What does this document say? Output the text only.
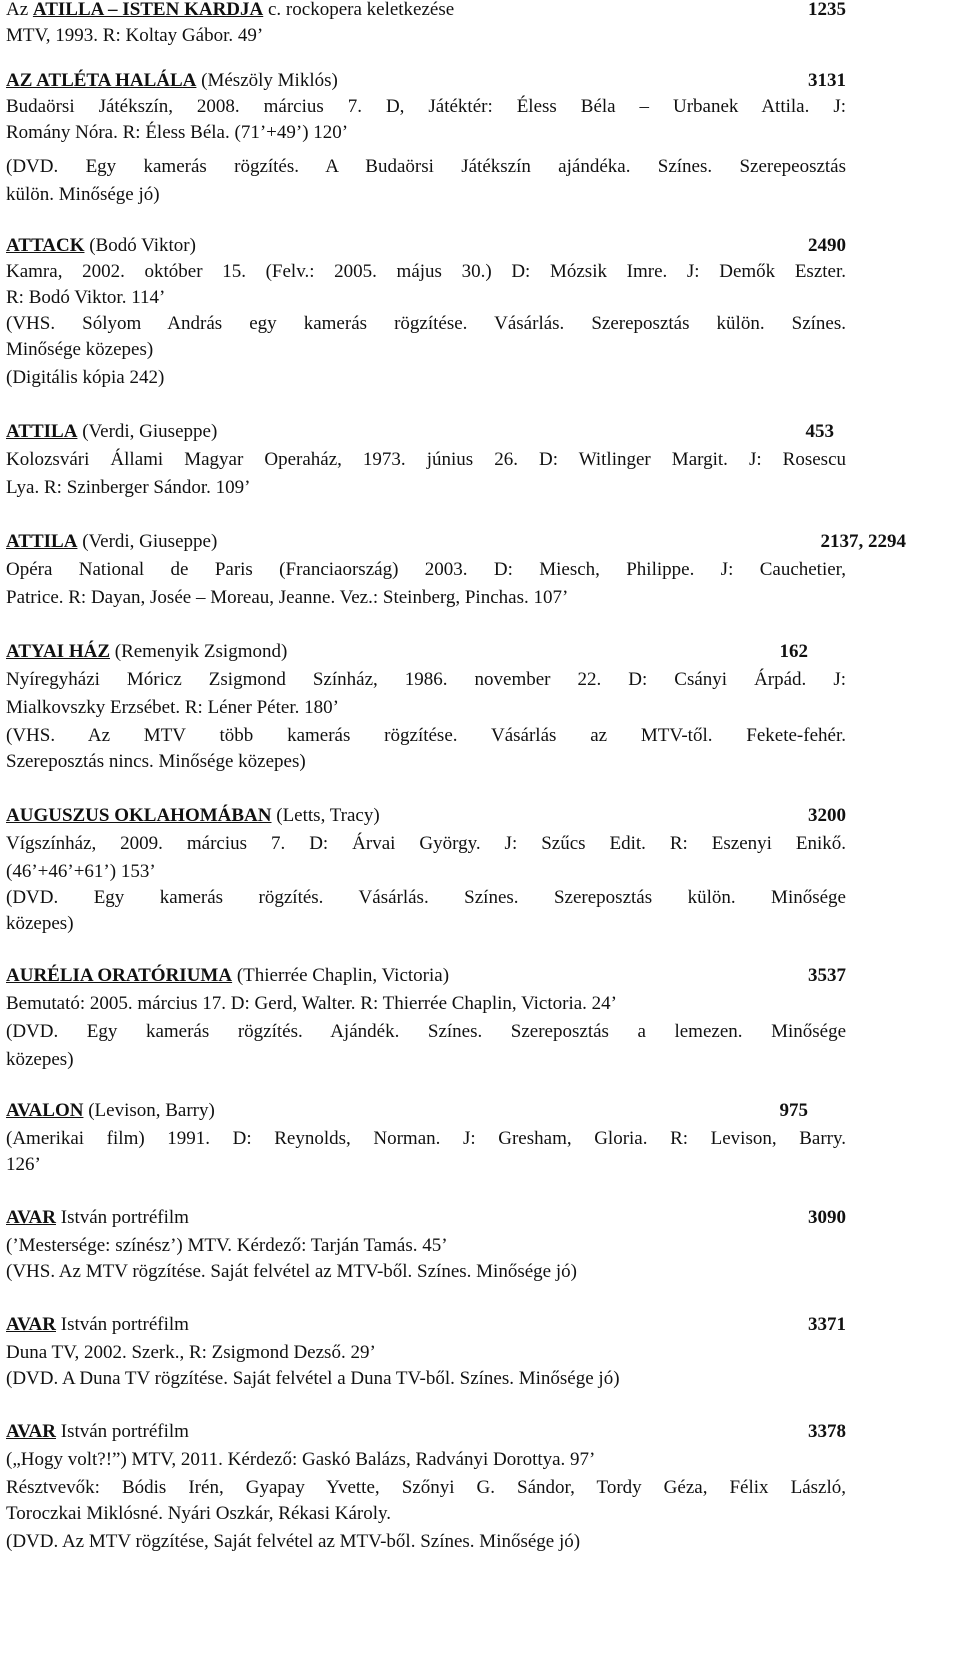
Az ATILLA – ISTEN KARDJA c. rockopera keletkezése	1235
MTV, 1993. R: Koltay Gábor. 49’
AZ ATLÉTA HALÁLA (Mészöly Miklós)	3131
Budaörsi Játékszín, 2008. március 7. D, Játéktér: Éless Béla – Urbanek Attila. J:
Romány Nóra. R: Éless Béla. (71’+49’) 120’
(DVD. Egy kamerás rögzítés. A Budaörsi Játékszín ajándéka. Színes. Szerepeosztás
külön. Minősége jó)
ATTACK (Bodó Viktor)	2490
Kamra, 2002. október 15. (Felv.: 2005. május 30.) D: Mózsik Imre. J: Demők Eszter.
R: Bodó Viktor. 114’
(VHS. Sólyom András egy kamerás rögzítése. Vásárlás. Szereposztás külön. Színes.
Minősége közepes)
(Digitális kópia 242)
ATTILA (Verdi, Giuseppe)	453
Kolozsvári Állami Magyar Operaház, 1973. június 26. D: Witlinger Margit. J: Rosescu
Lya. R: Szinberger Sándor. 109’
ATTILA (Verdi, Giuseppe)	2137, 2294
Opéra National de Paris (Franciaország) 2003. D: Miesch, Philippe. J: Cauchetier,
Patrice. R: Dayan, Josée – Moreau, Jeanne. Vez.: Steinberg, Pinchas. 107’
ATYAI HÁZ (Remenyik Zsigmond)	162
Nyíregyházi Móricz Zsigmond Színház, 1986. november 22. D: Csányi Árpád. J:
Mialkovszky Erzsébet. R: Léner Péter. 180’
(VHS. Az MTV több kamerás rögzítése. Vásárlás az MTV-től. Fekete-fehér.
Szereposztás nincs. Minősége közepes)
AUGUSZUS OKLAHOMÁBAN (Letts, Tracy)	3200
Vígszínház, 2009. március 7. D: Árvai György. J: Szűcs Edit. R: Eszenyi Enikő.
(46’+46’+61’) 153’
(DVD. Egy kamerás rögzítés. Vásárlás. Színes. Szereposztás külön. Minősége
közepes)
AURÉLIA ORATÓRIUMA (Thierrée Chaplin, Victoria)	3537
Bemutató: 2005. március 17. D: Gerd, Walter. R: Thierrée Chaplin, Victoria. 24’
(DVD. Egy kamerás rögzítés. Ajándék. Színes. Szereposztás a lemezen. Minősége
közepes)
AVALON (Levison, Barry)	975
(Amerikai film) 1991. D: Reynolds, Norman. J: Gresham, Gloria. R: Levison, Barry.
126’
AVAR István portréfilm	3090
(’Mestersége: színész’) MTV. Kérdező: Tarján Tamás. 45’
(VHS. Az MTV rögzítése. Saját felvétel az MTV-ből. Színes. Minősége jó)
AVAR István portréfilm	3371
Duna TV, 2002. Szerk., R: Zsigmond Dezső. 29’
(DVD. A Duna TV rögzítése. Saját felvétel a Duna TV-ből. Színes. Minősége jó)
AVAR István portréfilm	3378
(„Hogy volt?!”) MTV, 2011. Kérdező: Gaskó Balázs, Radványi Dorottya. 97’
Résztvevők: Bódis Irén, Gyapay Yvette, Szőnyi G. Sándor, Tordy Géza, Félix László,
Toroczkai Miklósné. Nyári Oszkár, Rékasi Károly.
(DVD. Az MTV rögzítése, Saját felvétel az MTV-ből. Színes. Minősége jó)
